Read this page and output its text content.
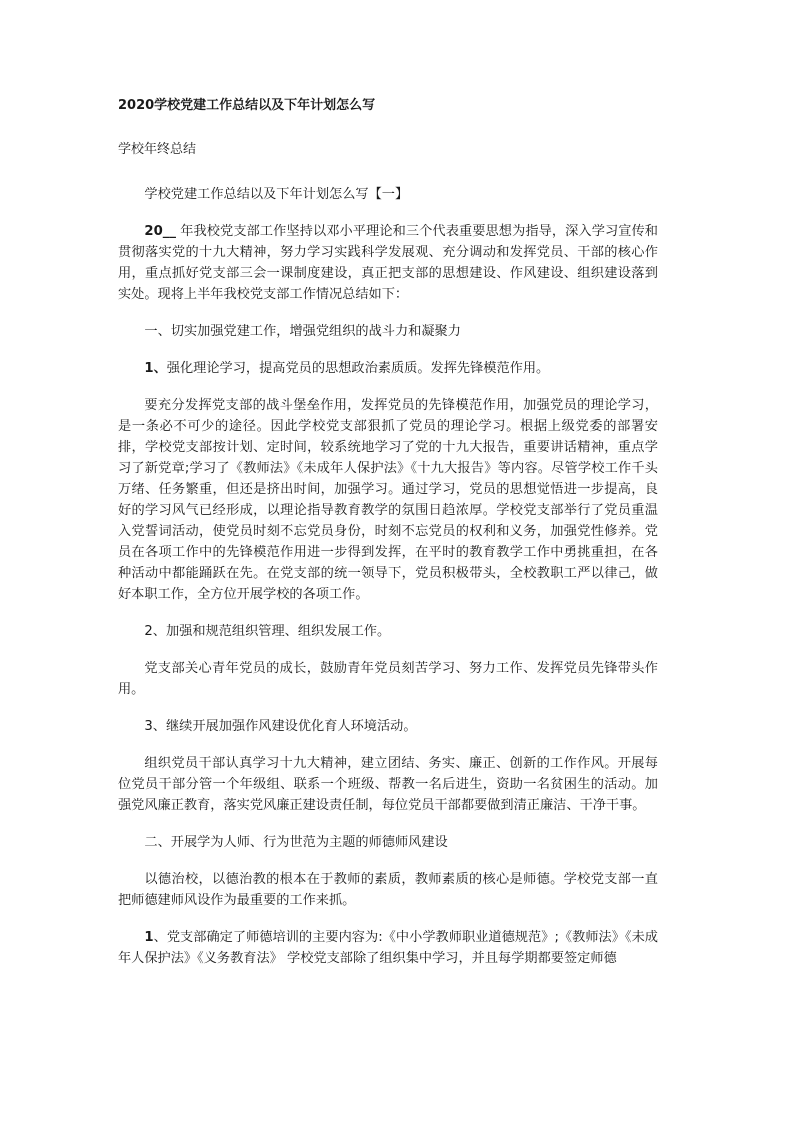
2020学校党建工作总结以及下年计划怎么写
学校年终总结

学校党建工作总结以及下年计划怎么写【一】

20__ 年我校党支部工作坚持以邓小平理论和三个代表重要思想为指导，深入学习宣传和贯彻落实党的十九大精神，努力学习实践科学发展观、充分调动和发挥党员、干部的核心作用，重点抓好党支部三会一课制度建设，真正把支部的思想建设、作风建设、组织建设落到实处。现将上半年我校党支部工作情况总结如下：

一、切实加强党建工作，增强党组织的战斗力和凝聚力

1、强化理论学习，提高党员的思想政治素质质。发挥先锋模范作用。

要充分发挥党支部的战斗堡垒作用，发挥党员的先锋模范作用，加强党员的理论学习，是一条必不可少的途径。因此学校党支部狠抓了党员的理论学习。根据上级党委的部署安排，学校党支部按计划、定时间，较系统地学习了党的十九大报告，重要讲话精神，重点学习了新党章;学习了《教师法》《未成年人保护法》《十九大报告》等内容。尽管学校工作千头万绪、任务繁重，但还是挤出时间，加强学习。通过学习，党员的思想觉悟进一步提高，良好的学习风气已经形成，以理论指导教育教学的氛围日趋浓厚。学校党支部举行了党员重温入党誓词活动，使党员时刻不忘党员身份，时刻不忘党员的权利和义务，加强党性修养。党员在各项工作中的先锋模范作用进一步得到发挥，在平时的教育教学工作中勇挑重担，在各种活动中都能踊跃在先。在党支部的统一领导下，党员积极带头，全校教职工严以律己，做好本职工作，全方位开展学校的各项工作。

2、加强和规范组织管理、组织发展工作。

党支部关心青年党员的成长，鼓励青年党员刻苦学习、努力工作、发挥党员先锋带头作用。

3、继续开展加强作风建设优化育人环境活动。

组织党员干部认真学习十九大精神，建立团结、务实、廉正、创新的工作作风。开展每位党员干部分管一个年级组、联系一个班级、帮教一名后进生，资助一名贫困生的活动。加强党风廉正教育，落实党风廉正建设责任制，每位党员干部都要做到清正廉洁、干净干事。

二、开展学为人师、行为世范为主题的师德师风建设

以德治校，以德治教的根本在于教师的素质，教师素质的核心是师德。学校党支部一直把师德建师风设作为最重要的工作来抓。

1、党支部确定了师德培训的主要内容为:《中小学教师职业道德规范》;《教师法》《未成年人保护法》《义务教育法》 学校党支部除了组织集中学习，并且每学期都要签定师德
